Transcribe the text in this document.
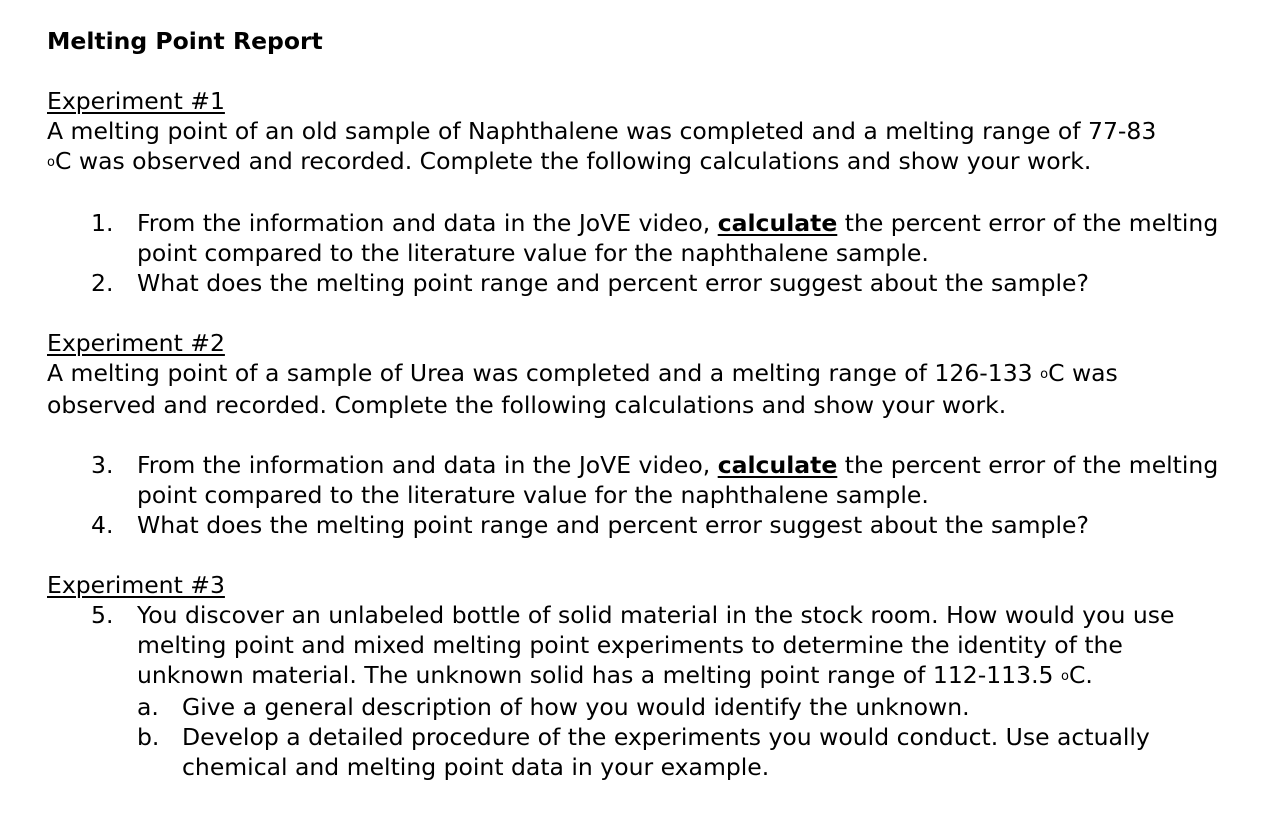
Melting Point Report
Experiment #1

A melting point of an old sample of Naphthalene was completed and a melting range of 77-83
oC was observed and recorded. Complete the following calculations and show your work.

1. From the information and data in the JoVE video, calculate the percent error of the melting point compared to the literature value for the naphthalene sample.
2. What does the melting point range and percent error suggest about the sample?
Experiment #2

A melting point of a sample of Urea was completed and a melting range of 126-133 oC was observed and recorded. Complete the following calculations and show your work.

3. From the information and data in the JoVE video, calculate the percent error of the melting point compared to the literature value for the naphthalene sample.
4. What does the melting point range and percent error suggest about the sample?
Experiment #3
5. You discover an unlabeled bottle of solid material in the stock room. How would you use melting point and mixed melting point experiments to determine the identity of the unknown material. The unknown solid has a melting point range of 112-113.5 oC.
a. Give a general description of how you would identify the unknown.
b. Develop a detailed procedure of the experiments you would conduct. Use actually chemical and melting point data in your example.
